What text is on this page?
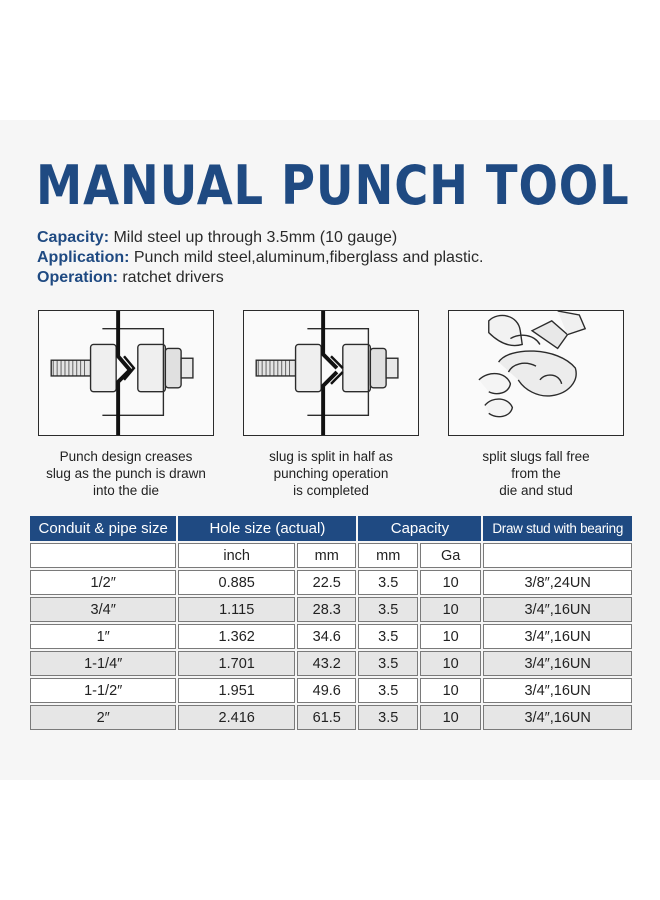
MANUAL PUNCH TOOL
Capacity: Mild steel up through 3.5mm (10 gauge)
Application: Punch mild steel,aluminum,fiberglass and plastic.
Operation: ratchet drivers
Punch design creases
slug as the punch is drawn
into the die
slug is split in half as
punching operation
is completed
split slugs fall free
from the
die and stud
Conduit & pipe size	Hole size (actual)		Capacity		Draw stud with bearing
	inch	mm	mm	Ga	
1/2″	0.885	22.5	3.5	10	3/8″,24UN
3/4″	1.115	28.3	3.5	10	3/4″,16UN
1″	1.362	34.6	3.5	10	3/4″,16UN
1-1/4″	1.701	43.2	3.5	10	3/4″,16UN
1-1/2″	1.951	49.6	3.5	10	3/4″,16UN
2″	2.416	61.5	3.5	10	3/4″,16UN
